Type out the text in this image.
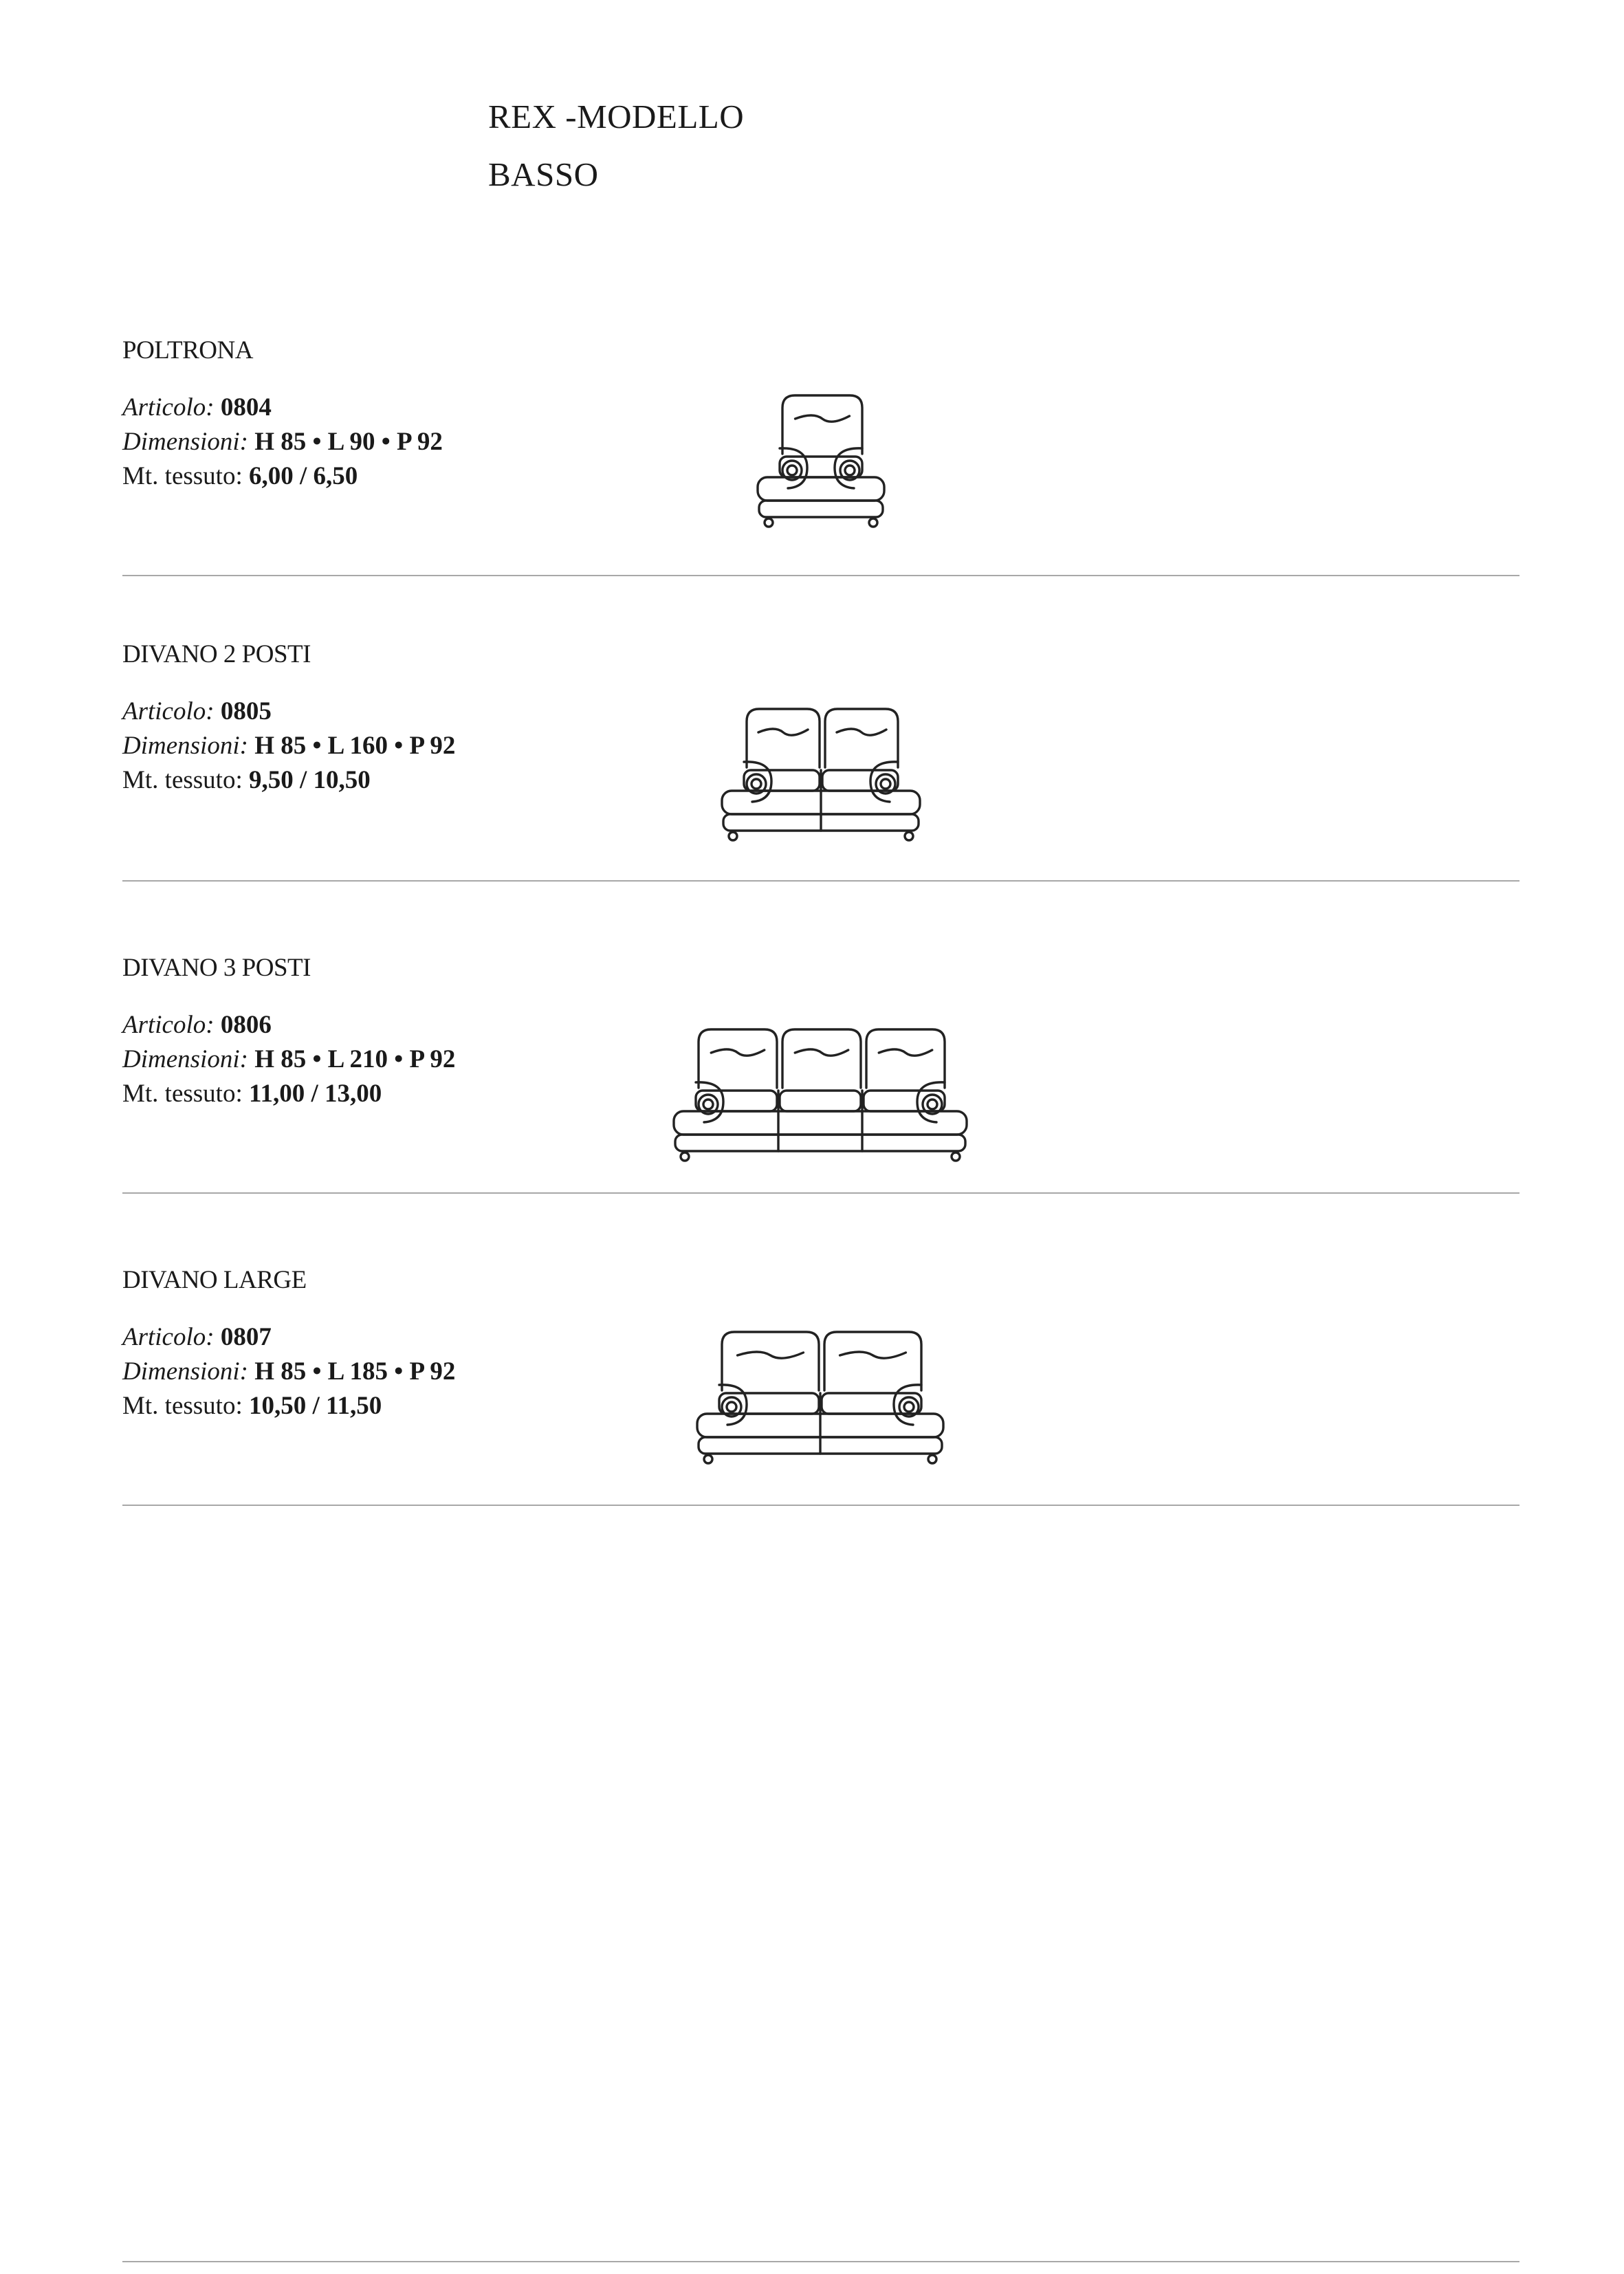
REX -MODELLO
BASSO
POLTRONA
Articolo: 0804
Dimensioni: H 85 • L 90 • P 92
Mt. tessuto: 6,00 / 6,50
DIVANO 2 POSTI
Articolo: 0805
Dimensioni: H 85 • L 160 • P 92
Mt. tessuto: 9,50 / 10,50
DIVANO 3 POSTI
Articolo: 0806
Dimensioni: H 85 • L 210 • P 92
Mt. tessuto: 11,00 / 13,00
DIVANO LARGE
Articolo: 0807
Dimensioni: H 85 • L 185 • P 92
Mt. tessuto: 10,50 / 11,50
